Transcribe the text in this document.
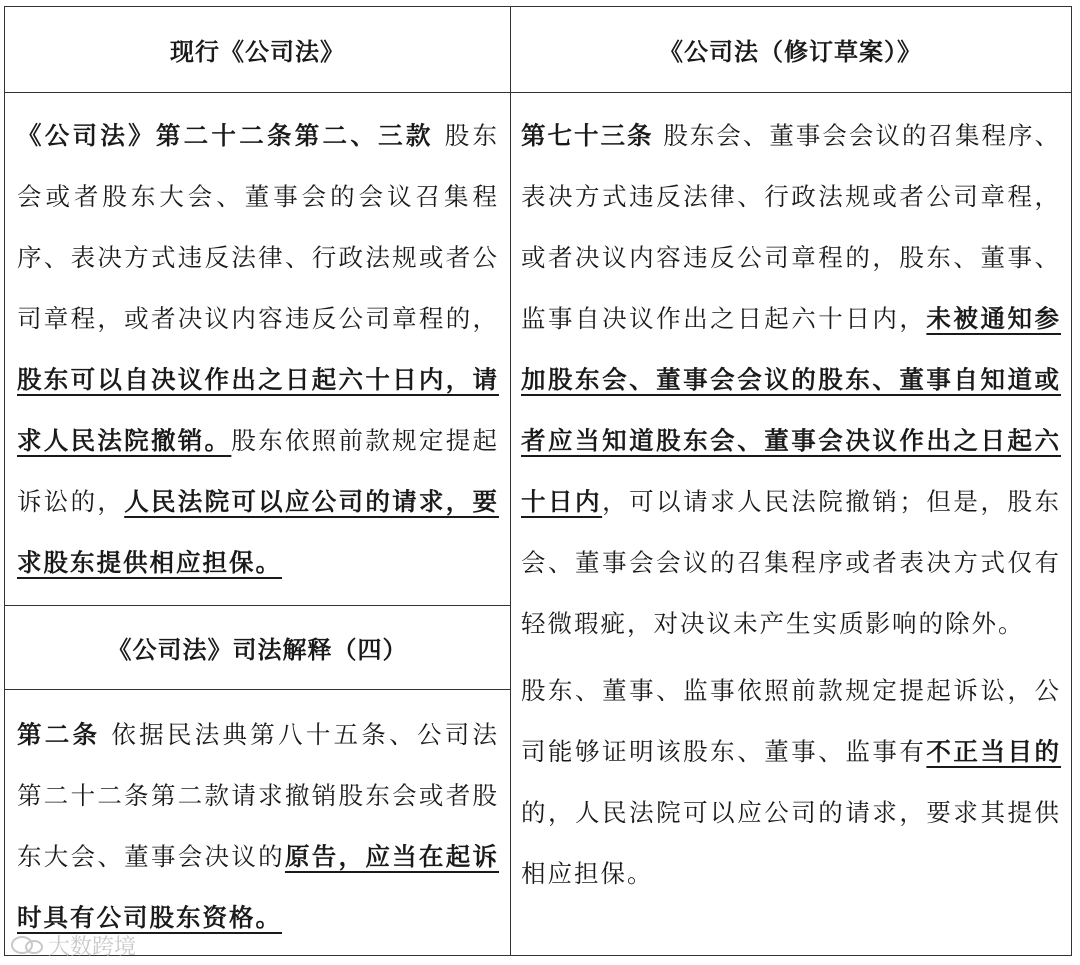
现行《公司法》	《公司法（修订草案）》
《公司法》司法解释（四）

《公司法》第二十二条第二、三款 股东会或者股东大会、董事会的会议召集程序、表决方式违反法律、行政法规或者公司章程，或者决议内容违反公司章程的，股东可以自决议作出之日起六十日内，请求人民法院撤销。股东依照前款规定提起诉讼的，人民法院可以应公司的请求，要求股东提供相应担保。

第二条 依据民法典第八十五条、公司法第二十二条第二款请求撤销股东会或者股东大会、董事会决议的原告，应当在起诉时具有公司股东资格。

第七十三条 股东会、董事会会议的召集程序、表决方式违反法律、行政法规或者公司章程，或者决议内容违反公司章程的，股东、董事、监事自决议作出之日起六十日内，未被通知参加股东会、董事会会议的股东、董事自知道或者应当知道股东会、董事会决议作出之日起六十日内，可以请求人民法院撤销；但是，股东会、董事会会议的召集程序或者表决方式仅有轻微瑕疵，对决议未产生实质影响的除外。

股东、董事、监事依照前款规定提起诉讼，公司能够证明该股东、董事、监事有不正当目的的，人民法院可以应公司的请求，要求其提供相应担保。

大数跨境
